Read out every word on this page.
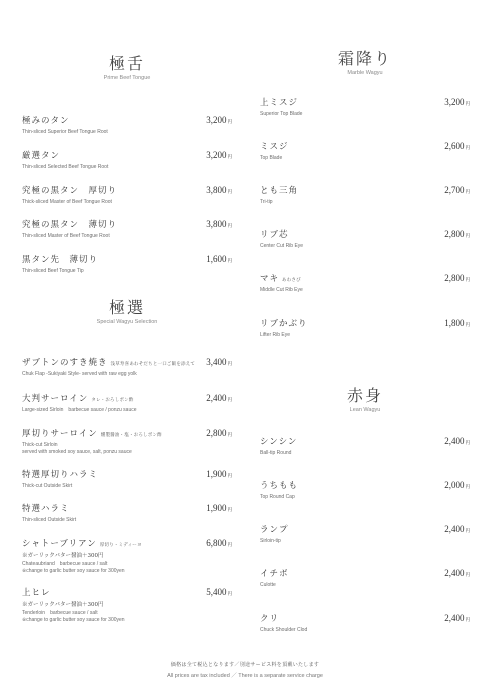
極舌
Prime Beef Tongue
極みのタン	3,200円
Thin-sliced Superior Beef Tongue Root
厳選タン	3,200円
Thin-sliced Selected Beef Tongue Root
究極の黒タン　厚切り	3,800円
Thick-sliced Master of Beef Tongue Root
究極の黒タン　薄切り	3,800円
Thin-sliced Master of Beef Tongue Root
黒タン先　薄切り	1,600円
Thin-sliced Beef Tongue Tip
極選
Special Wagyu Selection
ザブトンのすき焼き 浅草寿喜あわそだちと一口ご飯を添えて 3,400円
Chuk Flap -Sukiyaki Style- served with raw egg yolk
大判サーロイン タレ・おろしポン酢	2,400円
Large-sized Sirloin　barbecue sauce / ponzu sauce
厚切りサーロイン 燻製醤油・塩・おろしポン酢	2,800円
Thick-cut Sirloin
served with smoked soy sauce, salt, ponzu sauce
特選厚切りハラミ	1,900円
Thick-cut Outside Skirt
特選ハラミ	1,900円
Thin-sliced Outside Skirt
シャトーブリアン 厚切り・ミディーヨ	6,800円
※ガーリックバター醤油＋300円
Chateaubriand　barbecue sauce / salt
※change to garlic butter soy sauce for 300yen
上ヒレ	5,400円
※ガーリックバター醤油＋300円
Tenderloin　barbecue sauce / salt
※change to garlic butter soy sauce for 300yen
霜降り
Marble Wagyu
上ミスジ	3,200円
Superior Top Blade
ミスジ	2,600円
Top Blade
とも三角	2,700円
Tri-tip
リブ芯	2,800円
Center Cut Rib Eye
マキ あわさび	2,800円
Middle Cut Rib Eye
リブかぶり	1,800円
Lifter Rib Eye
赤身
Lean Wagyu
シンシン	2,400円
Ball-tip Round
うちもも	2,000円
Top Round Cap
ランプ	2,400円
Sirloin-tip
イチボ	2,400円
Culotte
クリ	2,400円
Chuck Shoulder Clod
価格は全て税込となります／別途サービス料を頂戴いたします
All prices are tax included ／ There is a separate service charge
